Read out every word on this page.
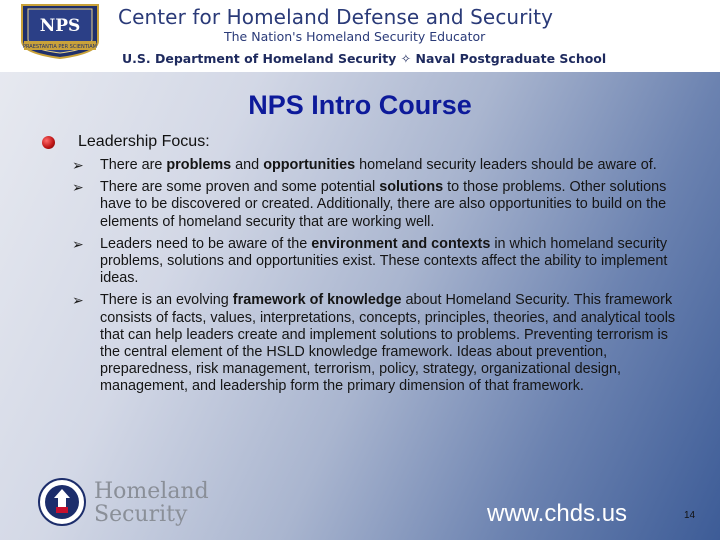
NPS
PRAESTANTIA PER SCIENTIAM
Center for Homeland Defense and Security
The Nation's Homeland Security Educator
U.S. Department of Homeland Security ✧ Naval Postgraduate School
NPS Intro Course
Leadership Focus:
➢ There are problems and opportunities homeland security leaders should be aware of.
➢ There are some proven and some potential solutions to those problems. Other solutions have to be discovered or created. Additionally, there are also opportunities to build on the elements of homeland security that are working well.
➢ Leaders need to be aware of the environment and contexts in which homeland security problems, solutions and opportunities exist. These contexts affect the ability to implement ideas.
➢ There is an evolving framework of knowledge about Homeland Security. This framework consists of facts, values, interpretations, concepts, principles, theories, and analytical tools that can help leaders create and implement solutions to problems. Preventing terrorism is the central element of the HSLD knowledge framework. Ideas about prevention, preparedness, risk management, terrorism, policy, strategy, organizational design, management, and leadership form the primary dimension of that framework.
Homeland
Security	www.chds.us	14
